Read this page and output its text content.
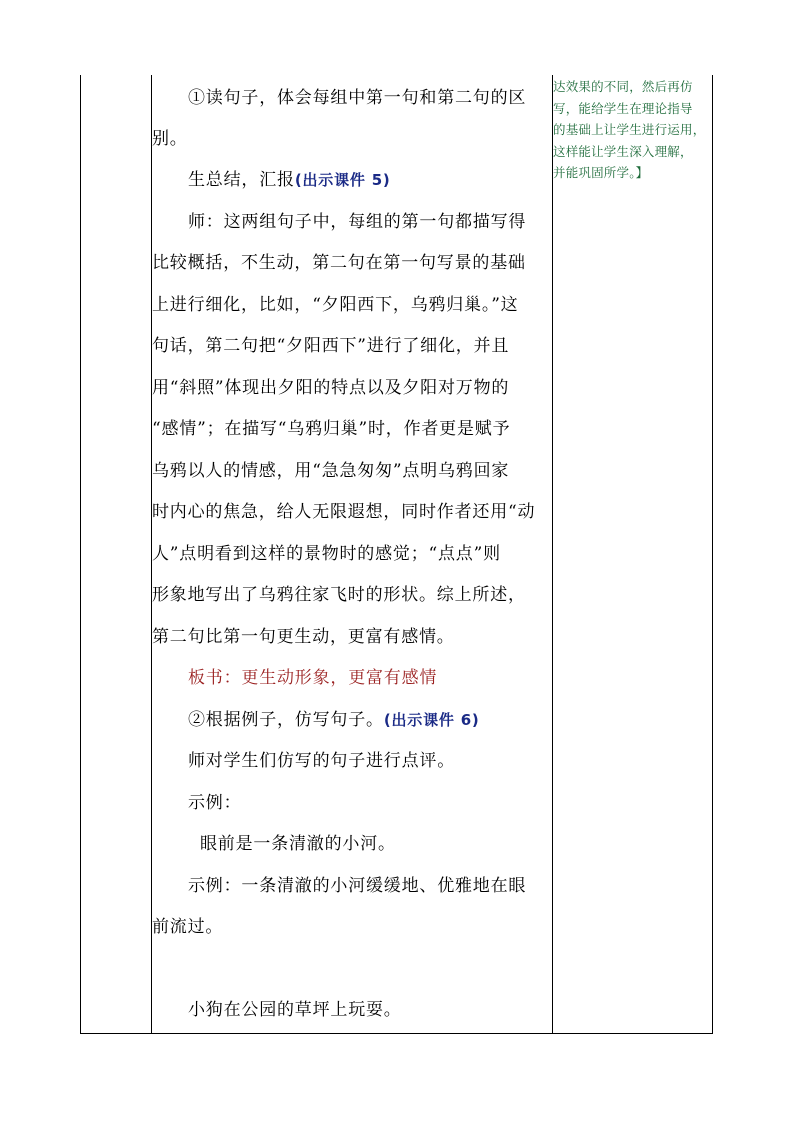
达效果的不同，然后再仿
写，能给学生在理论指导
的基础上让学生进行运用，
这样能让学生深入理解，
并能巩固所学。】
①读句子，体会每组中第一句和第二句的区
别。
生总结，汇报(出示课件 5)
师：这两组句子中，每组的第一句都描写得
比较概括，不生动，第二句在第一句写景的基础
上进行细化，比如，“夕阳西下，乌鸦归巢。”这
句话，第二句把“夕阳西下”进行了细化，并且
用“斜照”体现出夕阳的特点以及夕阳对万物的
“感情”；在描写“乌鸦归巢”时，作者更是赋予
乌鸦以人的情感，用“急急匆匆”点明乌鸦回家
时内心的焦急，给人无限遐想，同时作者还用“动
人”点明看到这样的景物时的感觉；“点点”则
形象地写出了乌鸦往家飞时的形状。综上所述，
第二句比第一句更生动，更富有感情。
板书：更生动形象，更富有感情
②根据例子，仿写句子。(出示课件 6)
师对学生们仿写的句子进行点评。
示例：
眼前是一条清澈的小河。
示例：一条清澈的小河缓缓地、优雅地在眼
前流过。
小狗在公园的草坪上玩耍。
